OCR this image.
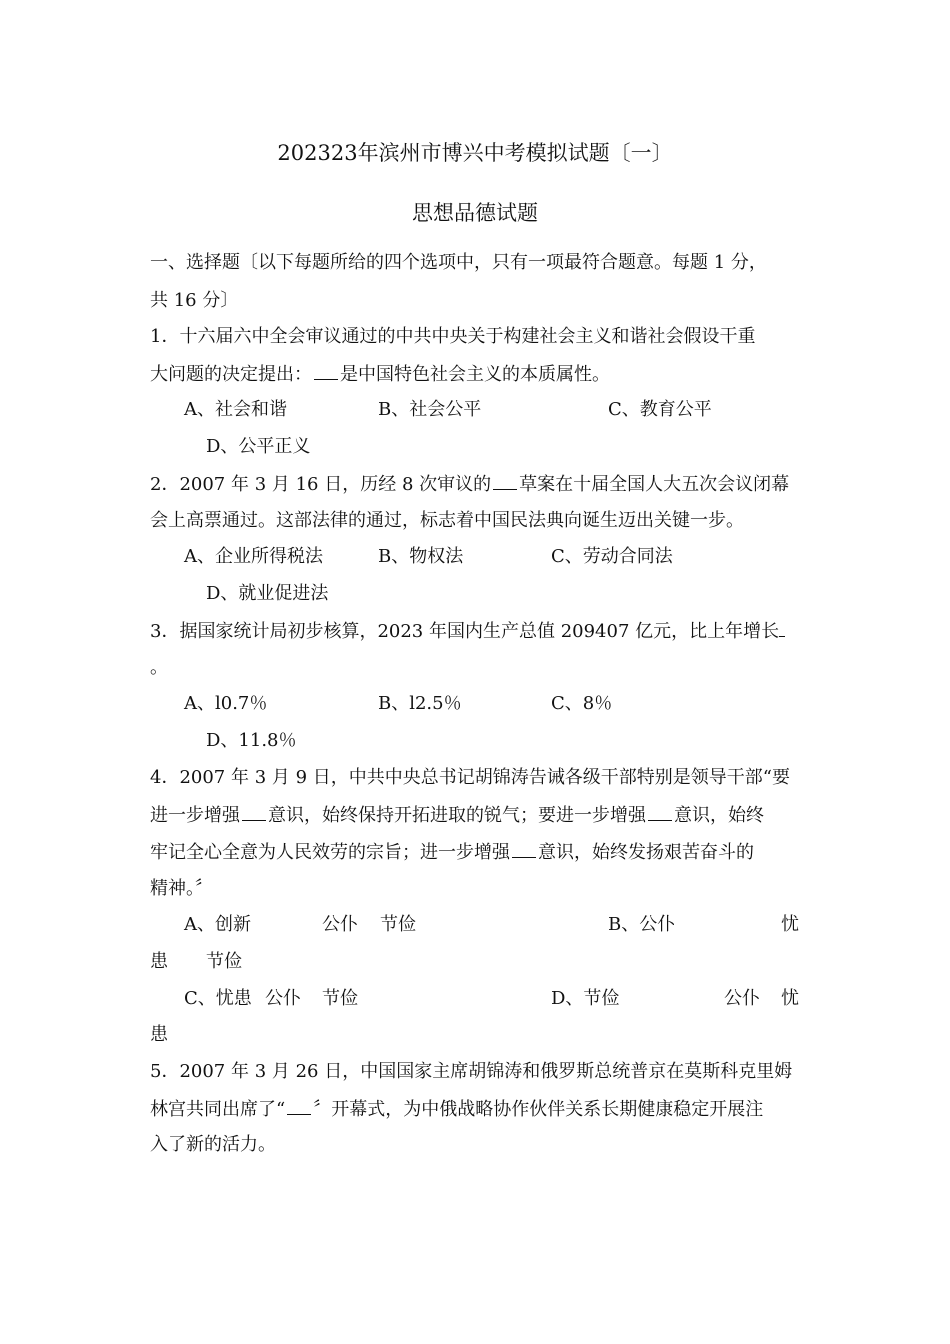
202323年滨州市博兴中考模拟试题〔一〕
思想品德试题
一、选择题〔以下每题所给的四个选项中，只有一项最符合题意。每题 1 分，
共 16 分〕
1．十六届六中全会审议通过的中共中央关于构建社会主义和谐社会假设干重
大问题的决定提出： 是中国特色社会主义的本质属性。
A、社会和谐	B、社会公平	C、教育公平
D、公平正义
2．2007 年 3 月 16 日，历经 8 次审议的 草案在十届全国人大五次会议闭幕
会上高票通过。这部法律的通过，标志着中国民法典向诞生迈出关键一步。
A、企业所得税法	B、物权法	C、劳动合同法
D、就业促进法
3．据国家统计局初步核算，2023 年国内生产总值 209407 亿元，比上年增长
。
A、l0.7％	B、l2.5％	C、8％
D、11.8％
4．2007 年 3 月 9 日，中共中央总书记胡锦涛告诫各级干部特别是领导干部“要
进一步增强 意识，始终保持开拓进取的锐气；要进一步增强 意识，始终
牢记全心全意为人民效劳的宗旨；进一步增强 意识，始终发扬艰苦奋斗的
精神。〞
A、创新	公仆 节俭	B、公仆	忧
患 节俭
C、忧患 公仆 节俭	D、节俭	公仆 忧
患
5．2007 年 3 月 26 日，中国国家主席胡锦涛和俄罗斯总统普京在莫斯科克里姆
林宫共同出席了“ 〞开幕式，为中俄战略协作伙伴关系长期健康稳定开展注
入了新的活力。
